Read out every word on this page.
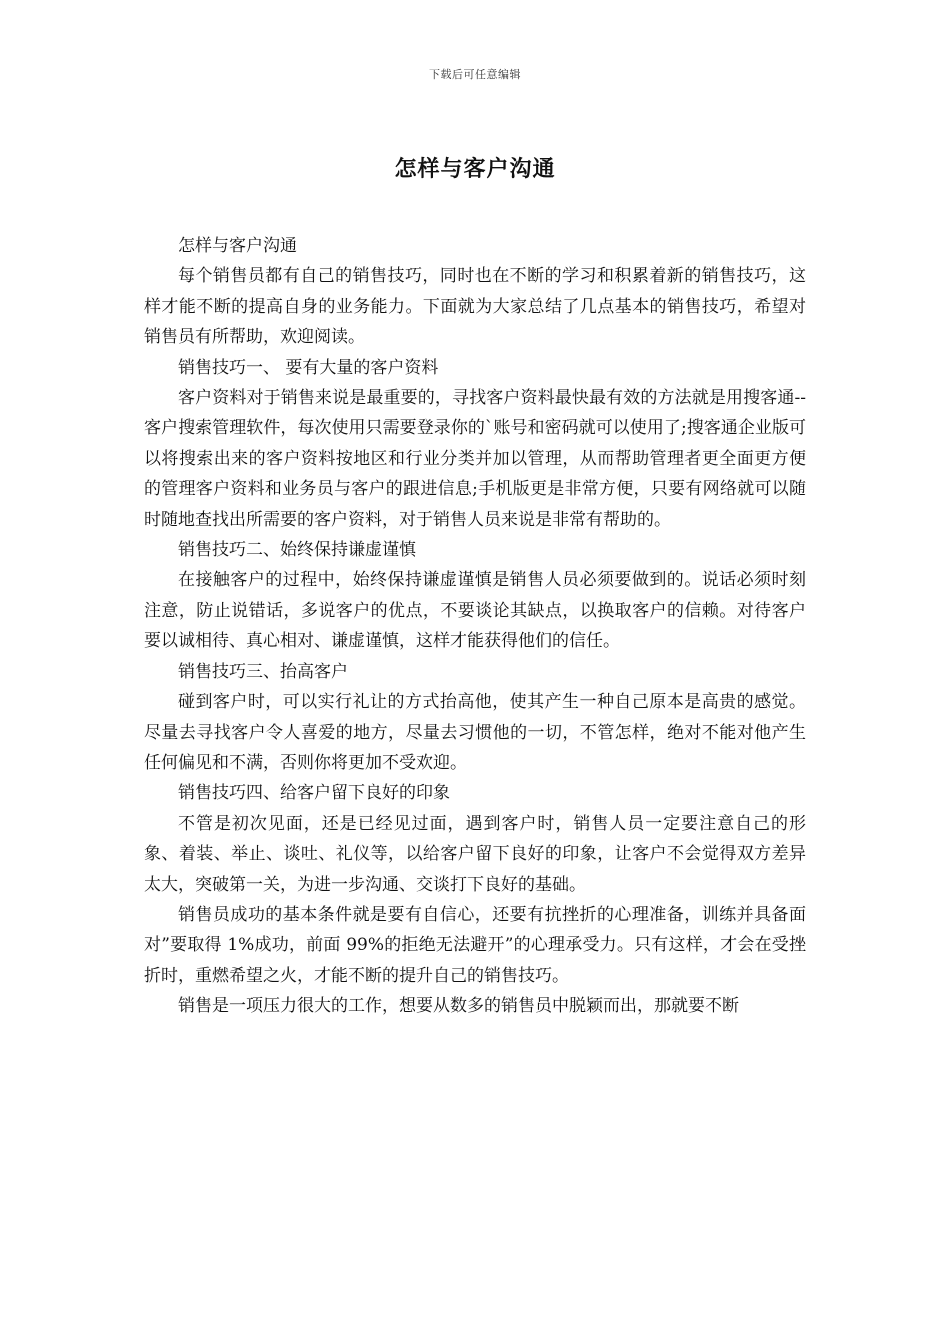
下载后可任意编辑
怎样与客户沟通

怎样与客户沟通

每个销售员都有自己的销售技巧，同时也在不断的学习和积累着新的销售技巧，这样才能不断的提高自身的业务能力。下面就为大家总结了几点基本的销售技巧，希望对销售员有所帮助，欢迎阅读。

销售技巧一、 要有大量的客户资料

客户资料对于销售来说是最重要的，寻找客户资料最快最有效的方法就是用搜客通--客户搜索管理软件，每次使用只需要登录你的`账号和密码就可以使用了;搜客通企业版可以将搜索出来的客户资料按地区和行业分类并加以管理，从而帮助管理者更全面更方便的管理客户资料和业务员与客户的跟进信息;手机版更是非常方便，只要有网络就可以随时随地查找出所需要的客户资料，对于销售人员来说是非常有帮助的。

销售技巧二、始终保持谦虚谨慎

在接触客户的过程中，始终保持谦虚谨慎是销售人员必须要做到的。说话必须时刻注意，防止说错话，多说客户的优点，不要谈论其缺点，以换取客户的信赖。对待客户要以诚相待、真心相对、谦虚谨慎，这样才能获得他们的信任。

销售技巧三、抬高客户

碰到客户时，可以实行礼让的方式抬高他，使其产生一种自己原本是高贵的感觉。尽量去寻找客户令人喜爱的地方，尽量去习惯他的一切，不管怎样，绝对不能对他产生任何偏见和不满，否则你将更加不受欢迎。

销售技巧四、给客户留下良好的印象

不管是初次见面，还是已经见过面，遇到客户时，销售人员一定要注意自己的形象、着装、举止、谈吐、礼仪等，以给客户留下良好的印象，让客户不会觉得双方差异太大，突破第一关，为进一步沟通、交谈打下良好的基础。

销售员成功的基本条件就是要有自信心，还要有抗挫折的心理准备，训练并具备面对”要取得 1%成功，前面 99%的拒绝无法避开”的心理承受力。只有这样，才会在受挫折时，重燃希望之火，才能不断的提升自己的销售技巧。

销售是一项压力很大的工作，想要从数多的销售员中脱颖而出，那就要不断
